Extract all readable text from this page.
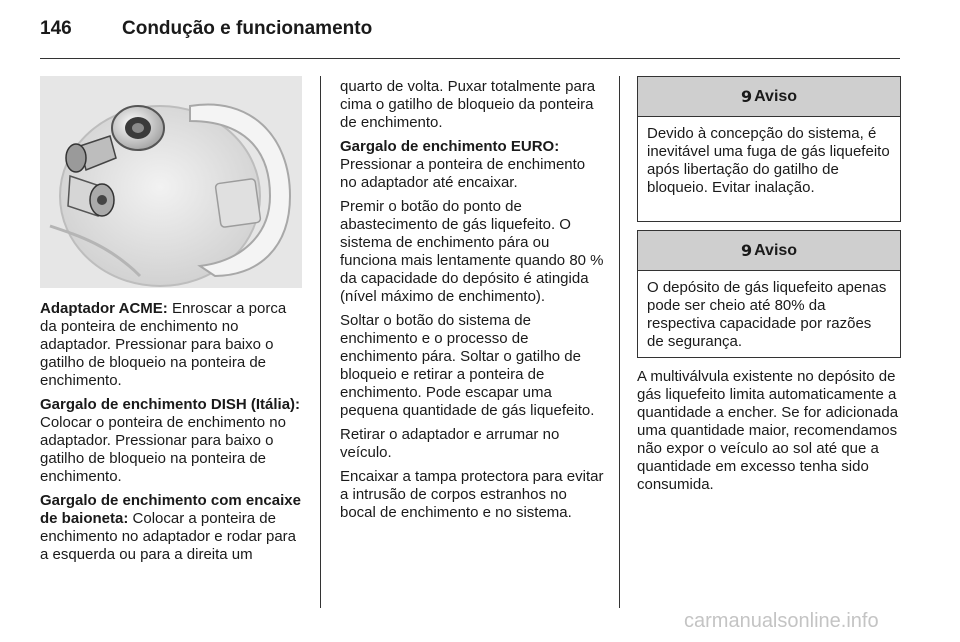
146	Condução e funcionamento

Adaptador ACME: Enroscar a porca da ponteira de enchimento no adaptador. Pressionar para baixo o gatilho de bloqueio na ponteira de enchimento.

Gargalo de enchimento DISH (Itália): Colocar o ponteira de enchimento no adaptador. Pressionar para baixo o gatilho de bloqueio na ponteira de enchimento.

Gargalo de enchimento com encaixe de baioneta: Colocar a ponteira de enchimento no adaptador e rodar para a esquerda ou para a direita um

quarto de volta. Puxar totalmente para cima o gatilho de bloqueio da ponteira de enchimento.

Gargalo de enchimento EURO: Pressionar a ponteira de enchimento no adaptador até encaixar.

Premir o botão do ponto de abastecimento de gás liquefeito. O sistema de enchimento pára ou funciona mais lentamente quando 80 % da capacidade do depósito é atingida (nível máximo de enchimento).

Soltar o botão do sistema de enchimento e o processo de enchimento pára. Soltar o gatilho de bloqueio e retirar a ponteira de enchimento. Pode escapar uma pequena quantidade de gás liquefeito.

Retirar o adaptador e arrumar no veículo.

Encaixar a tampa protectora para evitar a intrusão de corpos estranhos no bocal de enchimento e no sistema.

9 Aviso
Devido à concepção do sistema, é inevitável uma fuga de gás liquefeito após libertação do gatilho de bloqueio. Evitar inalação.
9 Aviso
O depósito de gás liquefeito apenas pode ser cheio até 80% da respectiva capacidade por razões de segurança.

A multiválvula existente no depósito de gás liquefeito limita automaticamente a quantidade a encher. Se for adicionada uma quantidade maior, recomendamos não expor o veículo ao sol até que a quantidade em excesso tenha sido consumida.

carmanualsonline.info
